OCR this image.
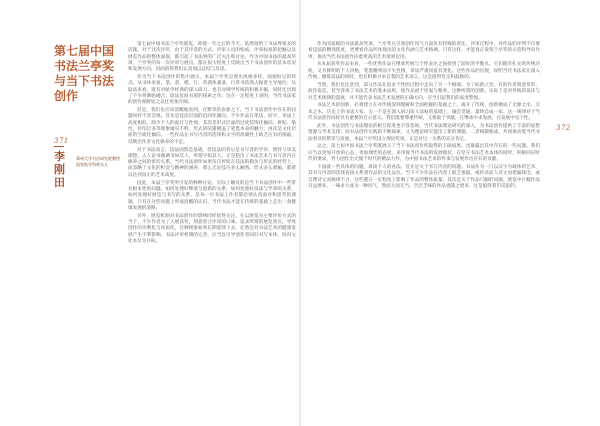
第七届中国
书法兰亭奖
与当下书法
创作
371
李
刚
田
郑州大学书法研究院教授
国家级学科带头人

第七届中国书法兰亭奖展览，即使一年之后的今天，依然留给了书法界很多的话题。对于这次评奖，由于其评选的方式、评审人员的构成、评审标准的把握以及展览作品的整体面貌，都引起了书法界的广泛关注和讨论。作为中国书法的最高奖项，兰亭奖的每一次评审与展出，都在很大程度上反映出当下书法创作的基本状况和发展方向，因而值得我们认真加以总结与反思。

作为当下书法创作的集中展示，本届兰亭奖呈现出风格多样、面貌纷呈的特点。从书体来看，篆、隶、楷、行、草诸体兼备，行草书依然占据着主导地位；从取法来看，既有对帖学经典的深入研习，也有对碑学传统的积极开掘，同时还出现了不少将碑帖融合、取法民间书迹的探索之作。这在一定程度上表明，当代书法家的创作视野较之以往更加开阔。

但是，我们也应该清醒地看到，在繁荣的表象之下，当下书法创作中存在的问题同样不容忽视。首先是技法层面的趋同化倾向。不少作品在笔法、结字、章法上高度相似，缺少个人的面目与性情；其次是形式层面的过度装饰化倾向。拼贴、染色、钤印过多等现象屡见不鲜，形式的喧嚣掩盖了笔墨本身的魅力；再次是文化层面的空疏化倾向。一些作品在书写内容的选择和文字的准确性上缺乏应有的推敲，反映出作者文化修养的不足。

对于书法而言，技法固然是基础，但技法的背后是书写者的学养、情怀与审美理想。古人论书强调书如其人，所谓字如其人，正是指出了书法艺术与书写者内在修养之间的密切关系。当代书法创作如果仅仅停留在技法的模仿与形式的经营上，而忽略了文化的积淀与精神的涵养，那么无论技巧多么娴熟、形式多么新颖，都难以达到真正的艺术高度。

因此，本届兰亭奖所引发的种种讨论，实际上触及的是当下书法创作中一些带有根本性的问题。如何处理好继承与创新的关系，如何处理好技法与学养的关系，如何处理好展览与书写的关系，是每一位书法工作者都必须认真面对和思考的课题。只有在这些问题上形成清醒的认识，当代书法才能在传统的基础上走出一条健康发展的道路。

另外，展览机制对书法创作的影响同样值得关注。在以展览为主要评价方式的当下，不少作者为了入展获奖，刻意迎合评审的口味，追求所谓的展览效应，导致创作的功利化与同质化。这种现象如果长期延续下去，必然会对书法艺术的健康发展产生不利影响。书法评审机制的完善，应当以引导创作者回归书写本体、回归文化本位为目标。

作为国家级的书法最高奖项，兰亭奖在引领创作风气方面负有特殊的责任。评审过程中，对作品的评判不仅要看技法的精熟程度，更要看作品所体现出的文化内涵与艺术格调。只有这样，才能真正发挥兰亭奖的示范和导向作用，推动当代书法创作向着更高的艺术境界迈进。

从本届获奖作品来看，一些优秀作品在继承传统与个性表达之间找到了较好的平衡点。它们既有扎实的传统功底，又有鲜明的个人风格，笔墨精到而不失性情，章法严谨而富有变化。这些作品的出现，说明当代书法家在深入传统、锤炼技法的同时，也在积极寻求自我的艺术语言，这是值得肯定和鼓励的。

当然，我们也注意到，部分作品在追求个性的过程中走向了另一个极端。为了标新立异，有的作者刻意变形、故作姿态，甚至背离了书法艺术的基本法则，使作品流于怪诞与粗率。这种所谓的创新，实际上是对传统的误读与对艺术规律的漠视，并不能代表书法艺术发展的正确方向，应当引起我们的高度警惕。

书法艺术的创新，必须建立在对传统深刻理解和全面把握的基础之上。离开了传统，创新便成了无源之水、无本之木。历史上的书法大家，无一不是在深入研习前人法帖的基础上，融会贯通，最终自成一家。这一规律对于当代书法创作同样具有重要的启示意义。我们既要尊重传统，又要敢于突破，在继承中求发展，在发展中见个性。

此外，书法创作与书法理论的相互促进也不容忽视。当代书法理论研究的深入，为书法创作提供了丰富的思想资源与学术支撑；而书法创作实践的不断探索，又为理论研究提出了新的课题。二者相辅相成，共同推动着当代书法事业的繁荣与发展。本届兰亭奖设立理论奖项，正是对这一关系的充分肯定。

总之，第七届中国书法兰亭奖既展示了当下书法创作所取得的丰硕成果，也暴露出其中存在的一些问题。我们应当以更加开放的心态、更加理性的态度，来审视当代书法的发展现状，在坚守书法艺术本体的同时，积极回应时代的要求，努力创作出无愧于时代的精品力作，为中国书法艺术的传承与发展作出应有的贡献。

下面就一些具体的问题，谈谈个人的看法。首先是关于书写内容的问题。书法作为一门以汉字为载体的艺术，其书写内容的选择直接关系到作品的文化品位。当下不少作品在内容上缺乏推敲，或抄录前人诗文而错漏频出，或自撰诗文而格律不合，这些都在一定程度上影响了作品的整体质量。其次是关于作品尺幅的问题。展览中巨幅作品日益增多，一味求大成为一种风气，然而大而无当、空泛乏味的作品也随之增多，这是值得我们反思的。

372
